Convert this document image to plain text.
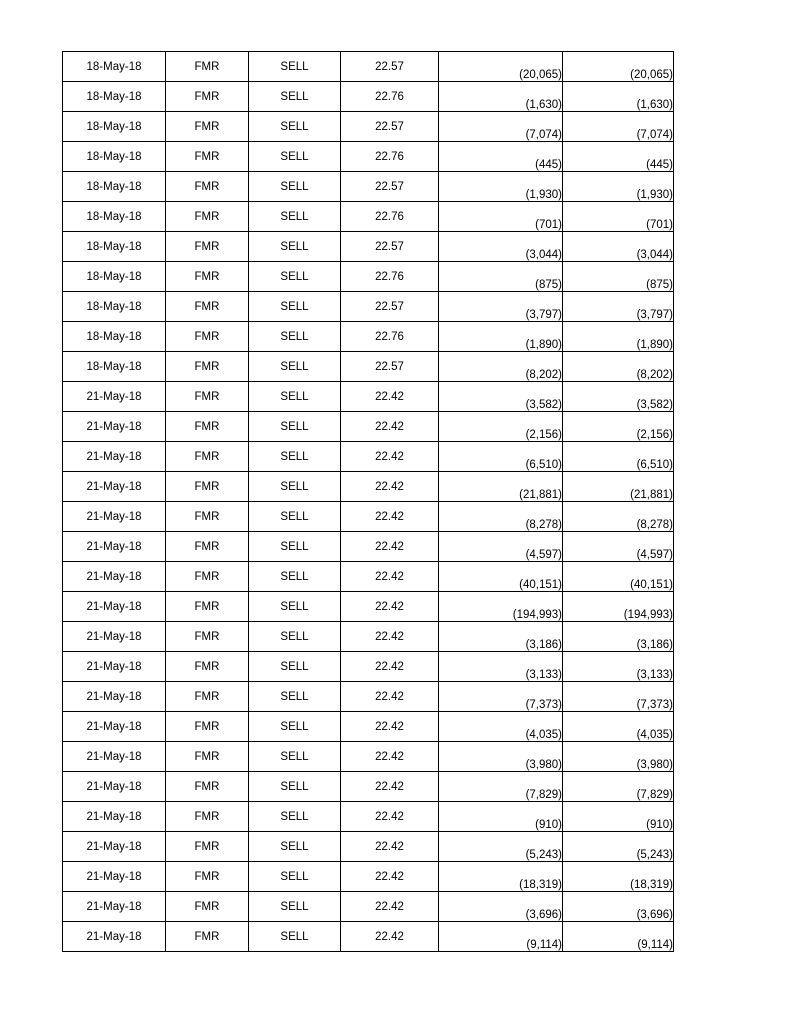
18-May-18	FMR	SELL	22.57	(20,065)	(20,065)
18-May-18	FMR	SELL	22.76	(1,630)	(1,630)
18-May-18	FMR	SELL	22.57	(7,074)	(7,074)
18-May-18	FMR	SELL	22.76	(445)	(445)
18-May-18	FMR	SELL	22.57	(1,930)	(1,930)
18-May-18	FMR	SELL	22.76	(701)	(701)
18-May-18	FMR	SELL	22.57	(3,044)	(3,044)
18-May-18	FMR	SELL	22.76	(875)	(875)
18-May-18	FMR	SELL	22.57	(3,797)	(3,797)
18-May-18	FMR	SELL	22.76	(1,890)	(1,890)
18-May-18	FMR	SELL	22.57	(8,202)	(8,202)
21-May-18	FMR	SELL	22.42	(3,582)	(3,582)
21-May-18	FMR	SELL	22.42	(2,156)	(2,156)
21-May-18	FMR	SELL	22.42	(6,510)	(6,510)
21-May-18	FMR	SELL	22.42	(21,881)	(21,881)
21-May-18	FMR	SELL	22.42	(8,278)	(8,278)
21-May-18	FMR	SELL	22.42	(4,597)	(4,597)
21-May-18	FMR	SELL	22.42	(40,151)	(40,151)
21-May-18	FMR	SELL	22.42	(194,993)	(194,993)
21-May-18	FMR	SELL	22.42	(3,186)	(3,186)
21-May-18	FMR	SELL	22.42	(3,133)	(3,133)
21-May-18	FMR	SELL	22.42	(7,373)	(7,373)
21-May-18	FMR	SELL	22.42	(4,035)	(4,035)
21-May-18	FMR	SELL	22.42	(3,980)	(3,980)
21-May-18	FMR	SELL	22.42	(7,829)	(7,829)
21-May-18	FMR	SELL	22.42	(910)	(910)
21-May-18	FMR	SELL	22.42	(5,243)	(5,243)
21-May-18	FMR	SELL	22.42	(18,319)	(18,319)
21-May-18	FMR	SELL	22.42	(3,696)	(3,696)
21-May-18	FMR	SELL	22.42	(9,114)	(9,114)
